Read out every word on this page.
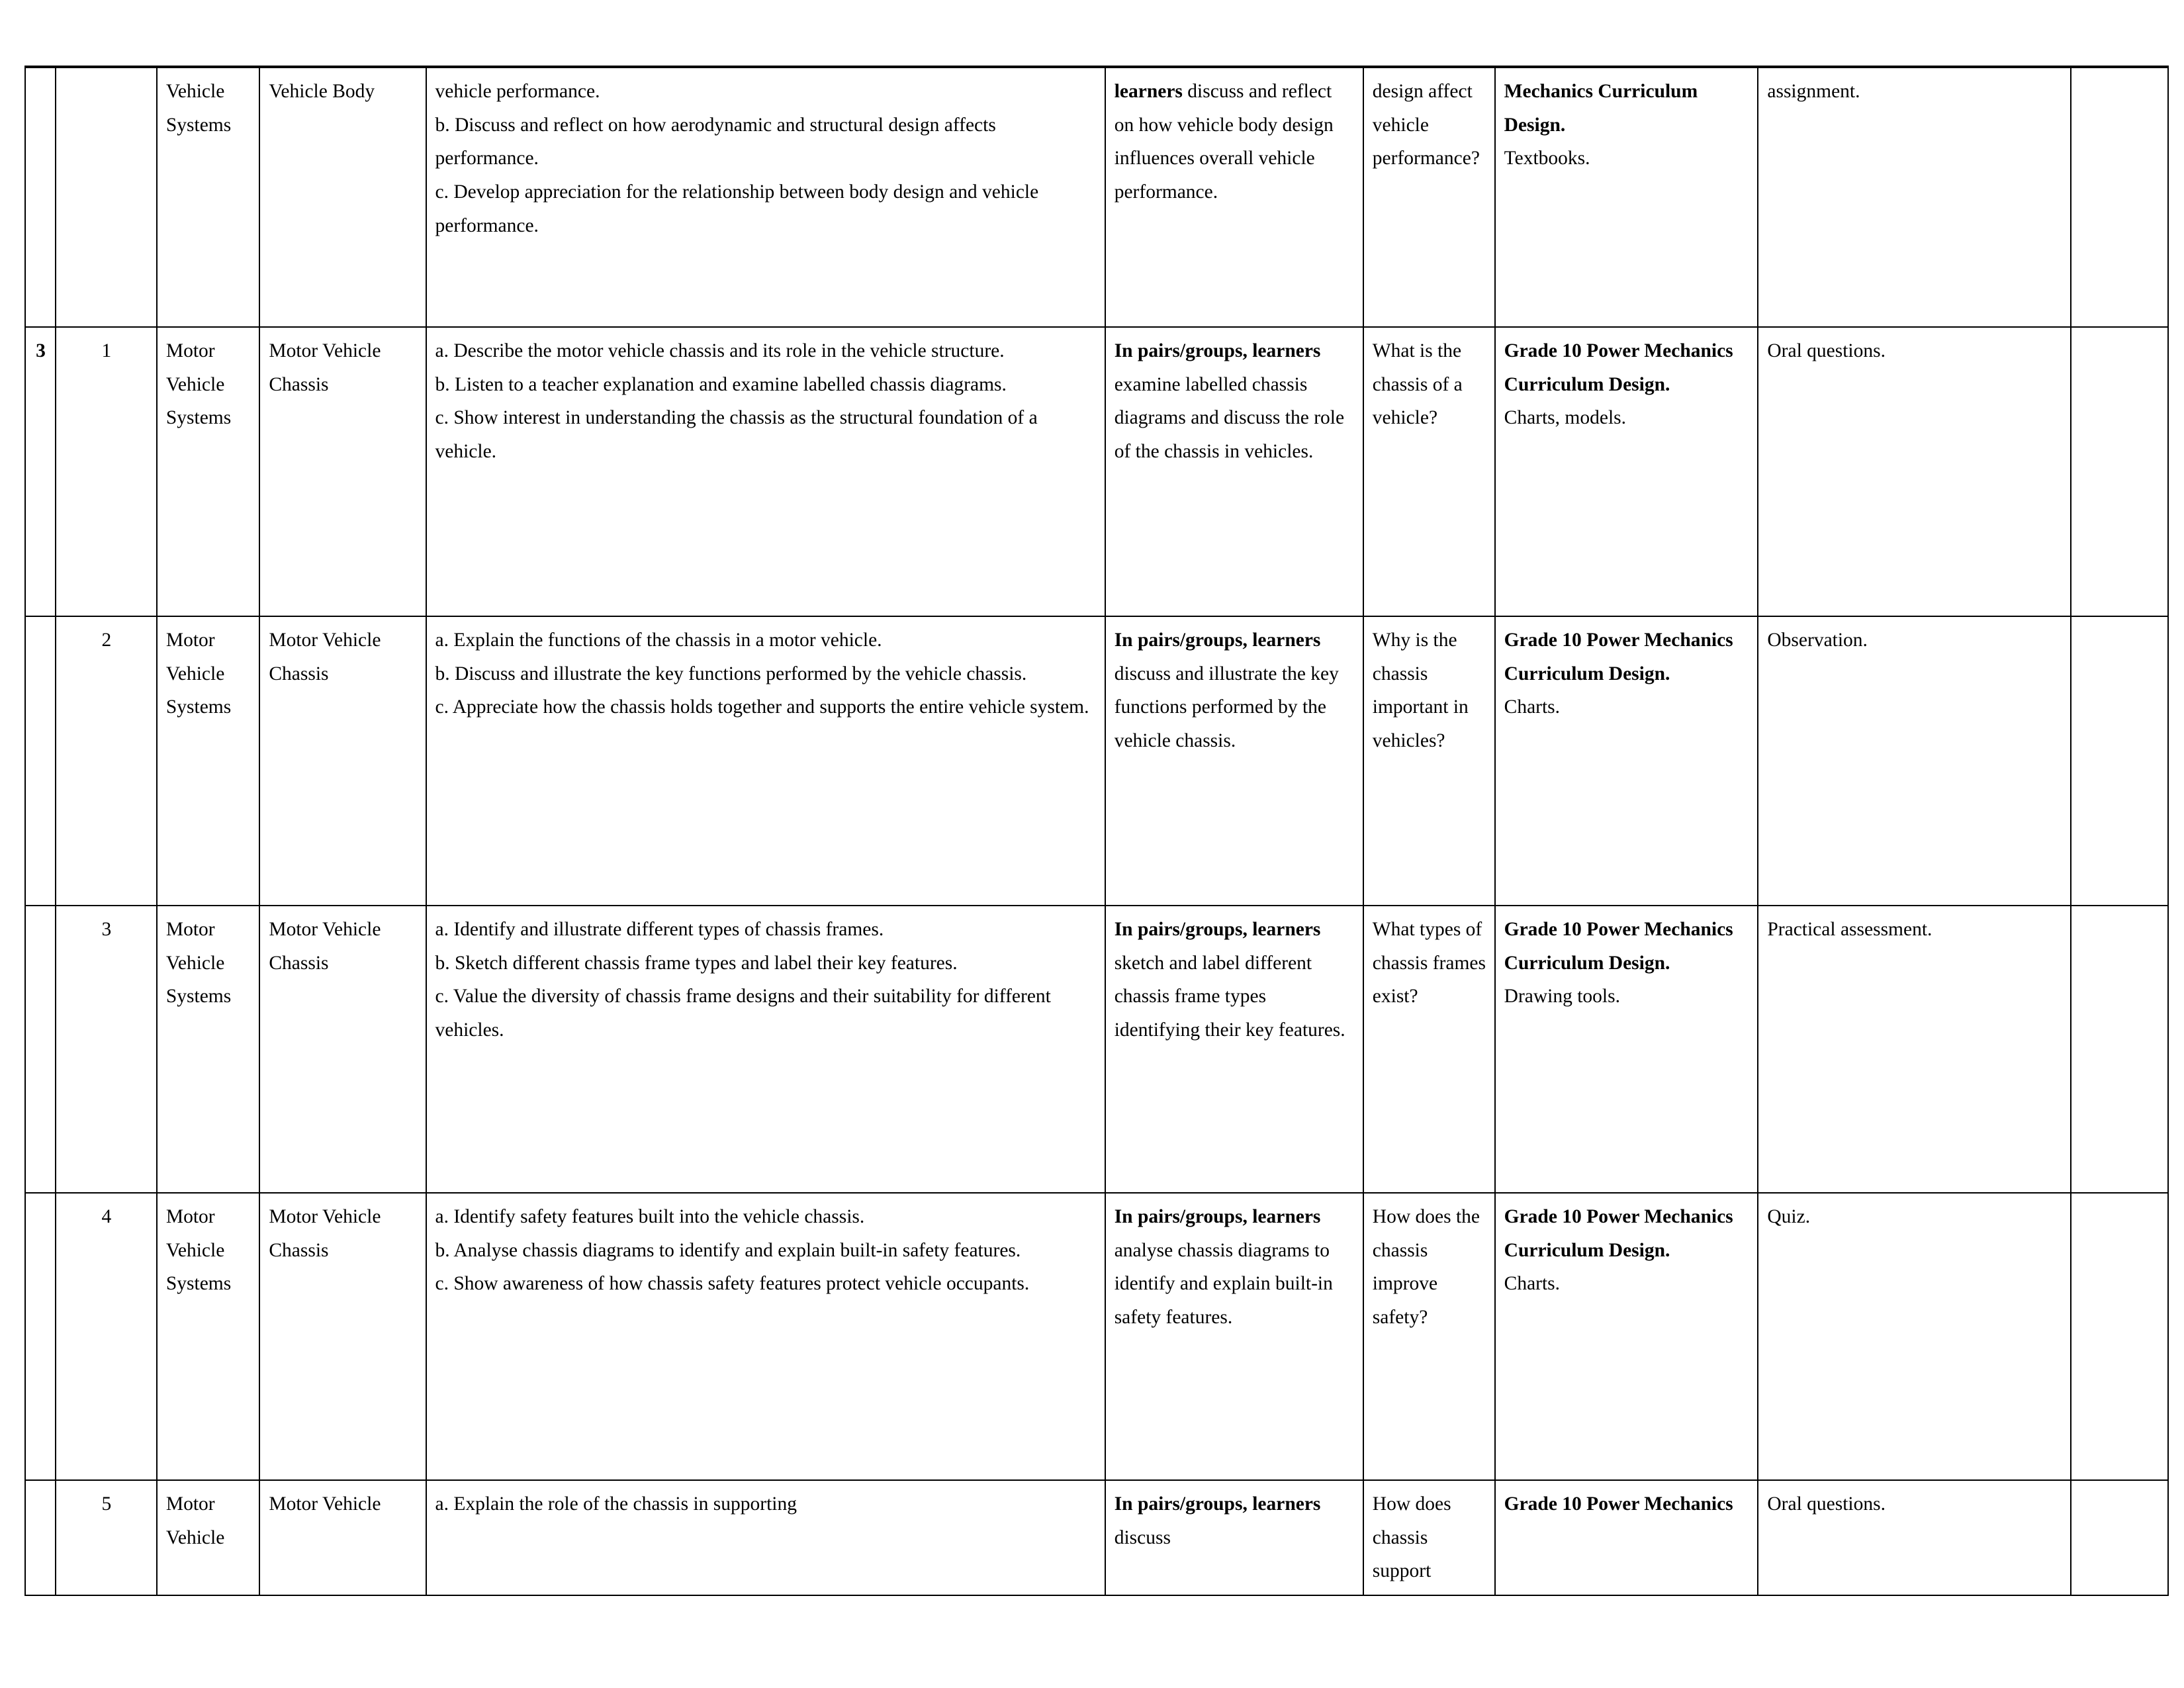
		Vehicle Systems	Vehicle Body	vehicle performance.

b. Discuss and reflect on how aerodynamic and structural design affects performance.

c. Develop appreciation for the relationship between body design and vehicle performance.

	learners discuss and reflect on how vehicle body design influences overall vehicle performance.	design affect vehicle performance?	

Mechanics Curriculum Design.

Textbooks.

	assignment.	
3	1	Motor Vehicle Systems	Motor Vehicle Chassis	

a. Describe the motor vehicle chassis and its role in the vehicle structure.

b. Listen to a teacher explanation and examine labelled chassis diagrams.

c. Show interest in understanding the chassis as the structural foundation of a vehicle.

	In pairs/groups, learners examine labelled chassis diagrams and discuss the role of the chassis in vehicles.	What is the chassis of a vehicle?	

Grade 10 Power Mechanics Curriculum Design.

Charts, models.

	Oral questions.	
	2	Motor Vehicle Systems	Motor Vehicle Chassis	

a. Explain the functions of the chassis in a motor vehicle.

b. Discuss and illustrate the key functions performed by the vehicle chassis.

c. Appreciate how the chassis holds together and supports the entire vehicle system.

	In pairs/groups, learners discuss and illustrate the key functions performed by the vehicle chassis.	Why is the chassis important in vehicles?	

Grade 10 Power Mechanics Curriculum Design.

Charts.

	Observation.	
	3	Motor Vehicle Systems	Motor Vehicle Chassis	

a. Identify and illustrate different types of chassis frames.

b. Sketch different chassis frame types and label their key features.

c. Value the diversity of chassis frame designs and their suitability for different vehicles.

	In pairs/groups, learners sketch and label different chassis frame types identifying their key features.	What types of chassis frames exist?	

Grade 10 Power Mechanics Curriculum Design.

Drawing tools.

	Practical assessment.	
	4	Motor Vehicle Systems	Motor Vehicle Chassis	

a. Identify safety features built into the vehicle chassis.

b. Analyse chassis diagrams to identify and explain built-in safety features.

c. Show awareness of how chassis safety features protect vehicle occupants.

	In pairs/groups, learners analyse chassis diagrams to identify and explain built-in safety features.	How does the chassis improve safety?	

Grade 10 Power Mechanics Curriculum Design.

Charts.

	Quiz.	
	5	Motor Vehicle	Motor Vehicle	a. Explain the role of the chassis in supporting	In pairs/groups, learners discuss	How does chassis support	Grade 10 Power Mechanics	Oral questions.	
